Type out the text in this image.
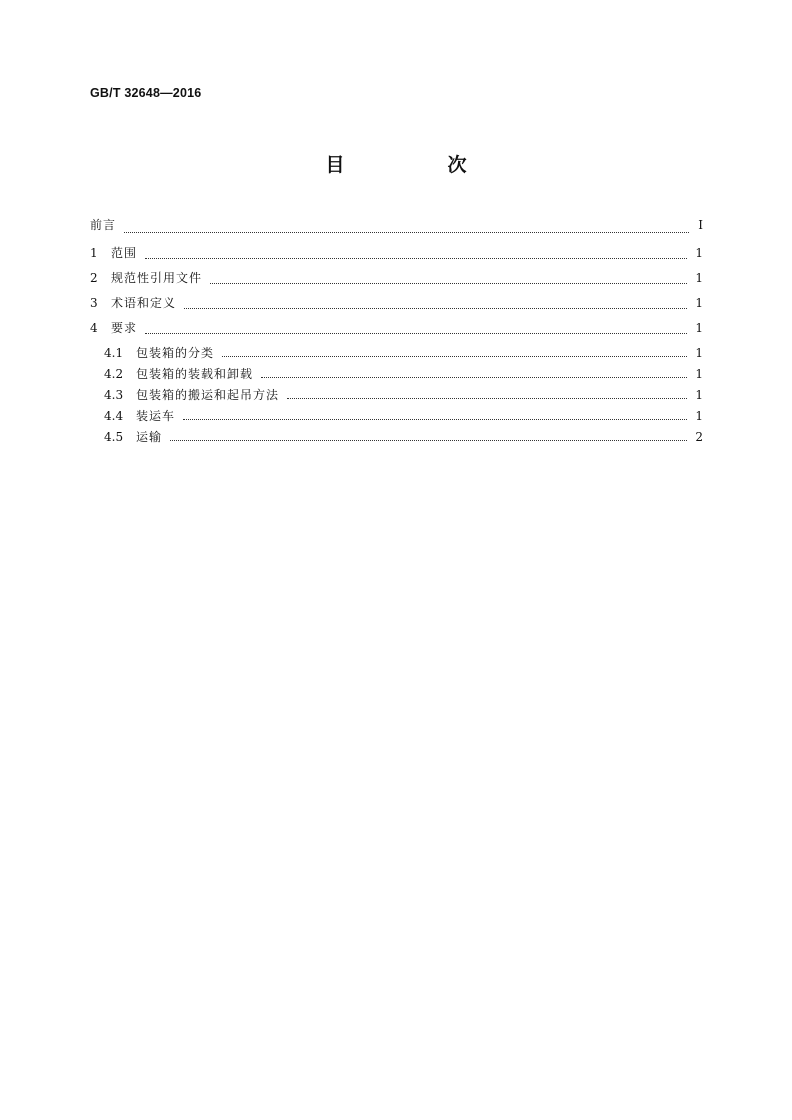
GB/T 32648—2016
目　次
前言	Ⅰ
1	范围	1
2	规范性引用文件	1
3	术语和定义	1
4	要求	1
4.1	包装箱的分类	1
4.2	包装箱的装载和卸载	1
4.3	包装箱的搬运和起吊方法	1
4.4	装运车	1
4.5	运输	2
